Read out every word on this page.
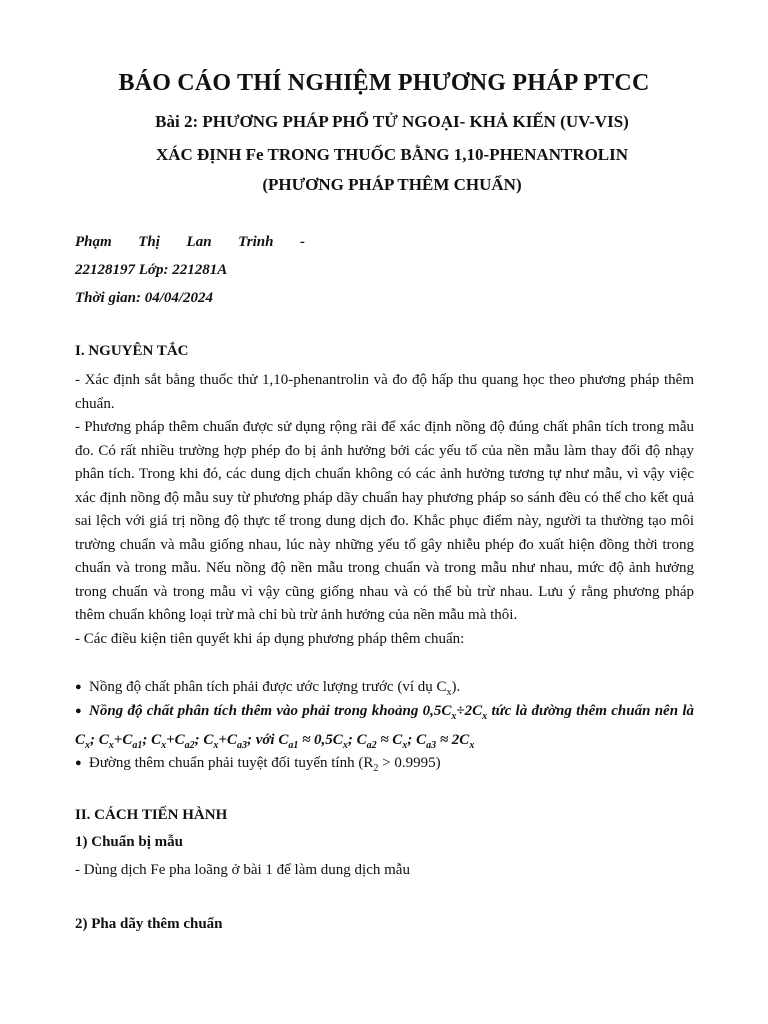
BÁO CÁO THÍ NGHIỆM PHƯƠNG PHÁP PTCC
Bài 2: PHƯƠNG PHÁP PHỔ TỬ NGOẠI- KHẢ KIẾN (UV-VIS)
XÁC ĐỊNH Fe TRONG THUỐC BẰNG 1,10-PHENANTROLIN
(PHƯƠNG PHÁP THÊM CHUẨN)
Phạm Thị Lan Trinh -
22128197 Lớp: 221281A
Thời gian: 04/04/2024
I. NGUYÊN TẮC

- Xác định sắt bằng thuốc thử 1,10-phenantrolin và đo độ hấp thu quang học theo phương pháp thêm chuẩn.

- Phương pháp thêm chuẩn được sử dụng rộng rãi để xác định nồng độ đúng chất phân tích trong mẫu đo. Có rất nhiều trường hợp phép đo bị ảnh hưởng bởi các yếu tố của nền mẫu làm thay đổi độ nhạy phân tích. Trong khi đó, các dung dịch chuẩn không có các ảnh hưởng tương tự như mẫu, vì vậy việc xác định nồng độ mẫu suy từ phương pháp dãy chuẩn hay phương pháp so sánh đều có thể cho kết quả sai lệch với giá trị nồng độ thực tế trong dung dịch đo. Khắc phục điểm này, người ta thường tạo môi trường chuẩn và mẫu giống nhau, lúc này những yếu tố gây nhiễu phép đo xuất hiện đồng thời trong chuẩn và trong mẫu. Nếu nồng độ nền mẫu trong chuẩn và trong mẫu như nhau, mức độ ảnh hưởng trong chuẩn và trong mẫu vì vậy cũng giống nhau và có thể bù trừ nhau. Lưu ý rằng phương pháp thêm chuẩn không loại trừ mà chỉ bù trừ ảnh hưởng của nền mẫu mà thôi.

- Các điều kiện tiên quyết khi áp dụng phương pháp thêm chuẩn:

● Nồng độ chất phân tích phải được ước lượng trước (ví dụ $C_x$).
● Nồng độ chất phân tích thêm vào phải trong khoảng $0,5C_x\div 2C_x$ tức là đường thêm chuẩn nên là $C_x$; $C_x+C_{a1}$; $C_x+C_{a2}$; $C_x+C_{a3}$; với $C_{a1} \approx 0,5C_x$; $C_{a2} \approx C_x$; $C_{a3} \approx 2C_x$
● Đường thêm chuẩn phải tuyệt đối tuyến tính $(R_2 > 0.9995)$
II. CÁCH TIẾN HÀNH
1) Chuẩn bị mẫu
- Dùng dịch Fe pha loãng ở bài 1 để làm dung dịch mẫu
2) Pha dãy thêm chuẩn
